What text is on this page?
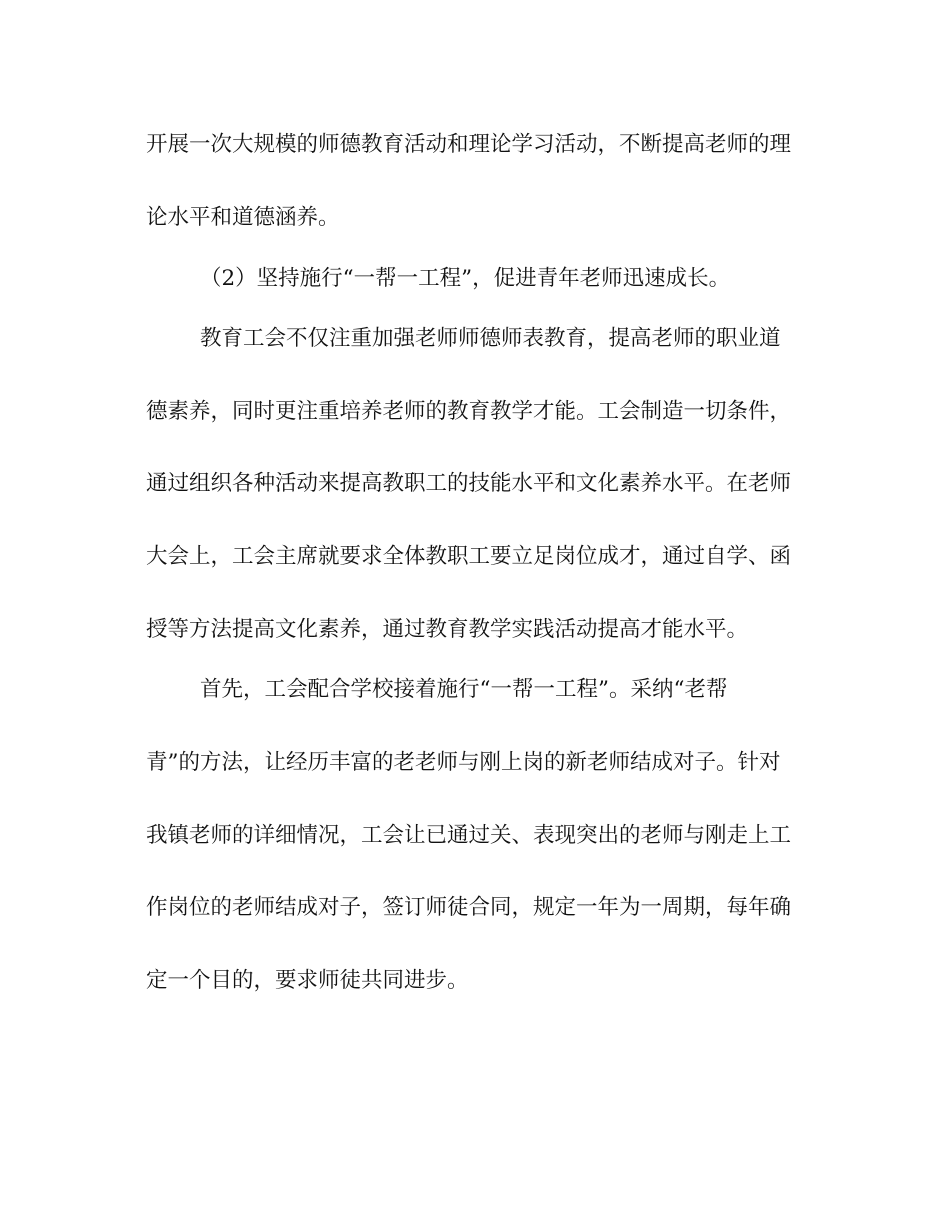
开展一次大规模的师德教育活动和理论学习活动，不断提高老师的理

论水平和道德涵养。

（2）坚持施行“一帮一工程”，促进青年老师迅速成长。

教育工会不仅注重加强老师师德师表教育，提高老师的职业道

德素养，同时更注重培养老师的教育教学才能。工会制造一切条件，

通过组织各种活动来提高教职工的技能水平和文化素养水平。在老师

大会上，工会主席就要求全体教职工要立足岗位成才，通过自学、函

授等方法提高文化素养，通过教育教学实践活动提高才能水平。

首先，工会配合学校接着施行“一帮一工程”。采纳“老帮

青”的方法，让经历丰富的老老师与刚上岗的新老师结成对子。针对

我镇老师的详细情况，工会让已通过关、表现突出的老师与刚走上工

作岗位的老师结成对子，签订师徒合同，规定一年为一周期，每年确

定一个目的，要求师徒共同进步。
